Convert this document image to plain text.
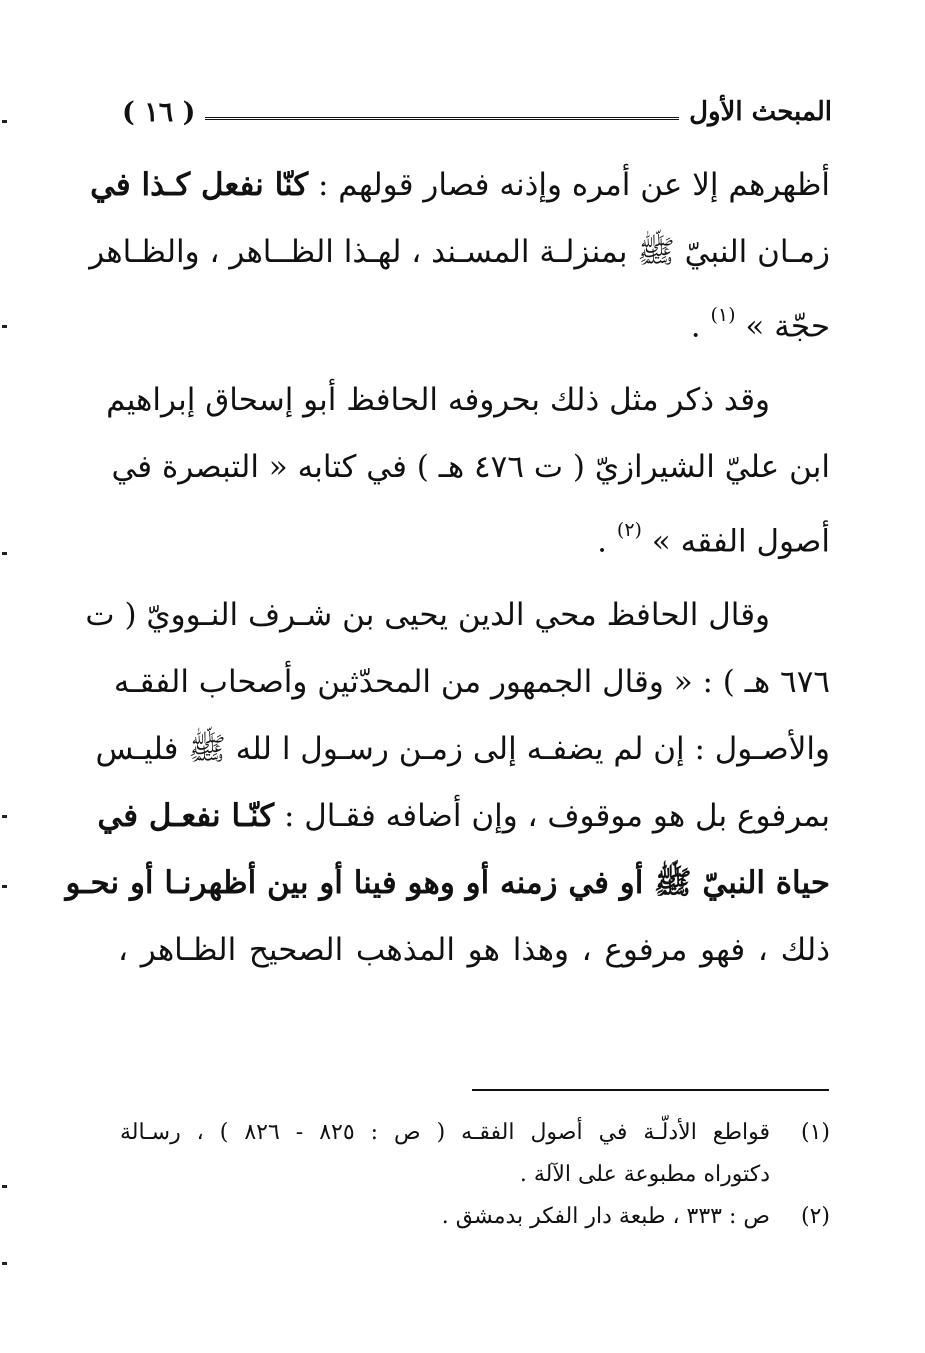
المبحث الأول
( ١٦ )
أظهرهم إلا عن أمره وإذنه فصار قولهم : كنّا نفعل كـذا في
زمـان النبيّ ﷺ بمنزلـة المسـند ، لهـذا الظــاهر ، والظـاهر
حجّة » $^{(١)}$ .
وقد ذكر مثل ذلك بحروفه الحافظ أبو إسحاق إبراهيم
ابن عليّ الشيرازيّ ( ت ٤٧٦ هـ ) في كتابه « التبصرة في
أصول الفقه » $^{(٢)}$ .
وقال الحافظ محي الدين يحيى بن شـرف النـوويّ ( ت
٦٧٦ هـ ) : « وقال الجمهور من المحدّثين وأصحاب الفقـه
والأصـول : إن لم يضفـه إلى زمـن رسـول ا لله ﷺ فليـس
بمرفوع بل هو موقوف ، وإن أضافه فقـال : كنّـا نفعـل في
حياة النبيّ ﷺ أو في زمنه أو وهو فينا أو بين أظهرنـا أو نحـو
ذلك ، فهو مرفوع ، وهذا هو المذهب الصحيح الظـاهر ،
(١)
قواطع الأدلّـة في أصول الفقـه ( ص : ٨٢٥ - ٨٢٦ ) ، رسـالة
دكتوراه مطبوعة على الآلة .
(٢)
ص : ٣٣٣ ، طبعة دار الفكر بدمشق .
